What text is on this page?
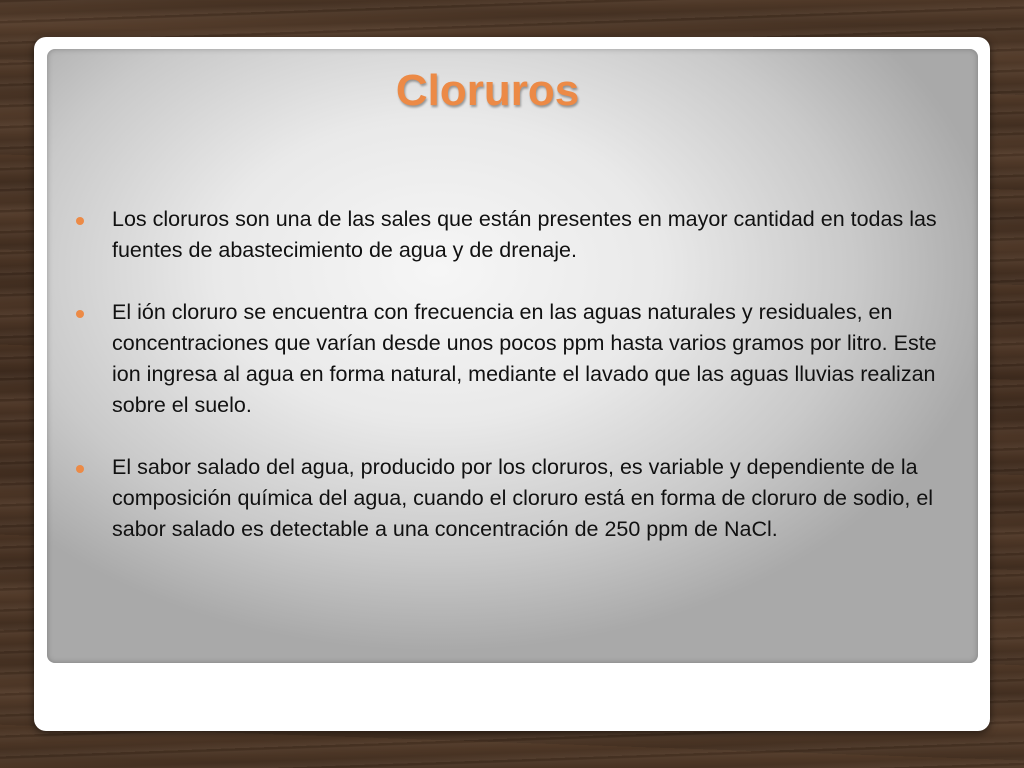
Cloruros
Los cloruros son una de las sales que están presentes en mayor cantidad en todas las fuentes de abastecimiento de agua y de drenaje.
El ión cloruro se encuentra con frecuencia en las aguas naturales y residuales, en concentraciones que varían desde unos pocos ppm hasta varios gramos por litro. Este ion ingresa al agua en forma natural, mediante el lavado que las aguas lluvias realizan sobre el suelo.
El sabor salado del agua, producido por los cloruros, es variable y dependiente de la composición química del agua, cuando el cloruro está en forma de cloruro de sodio, el sabor salado es detectable a una concentración de 250 ppm de NaCl.
